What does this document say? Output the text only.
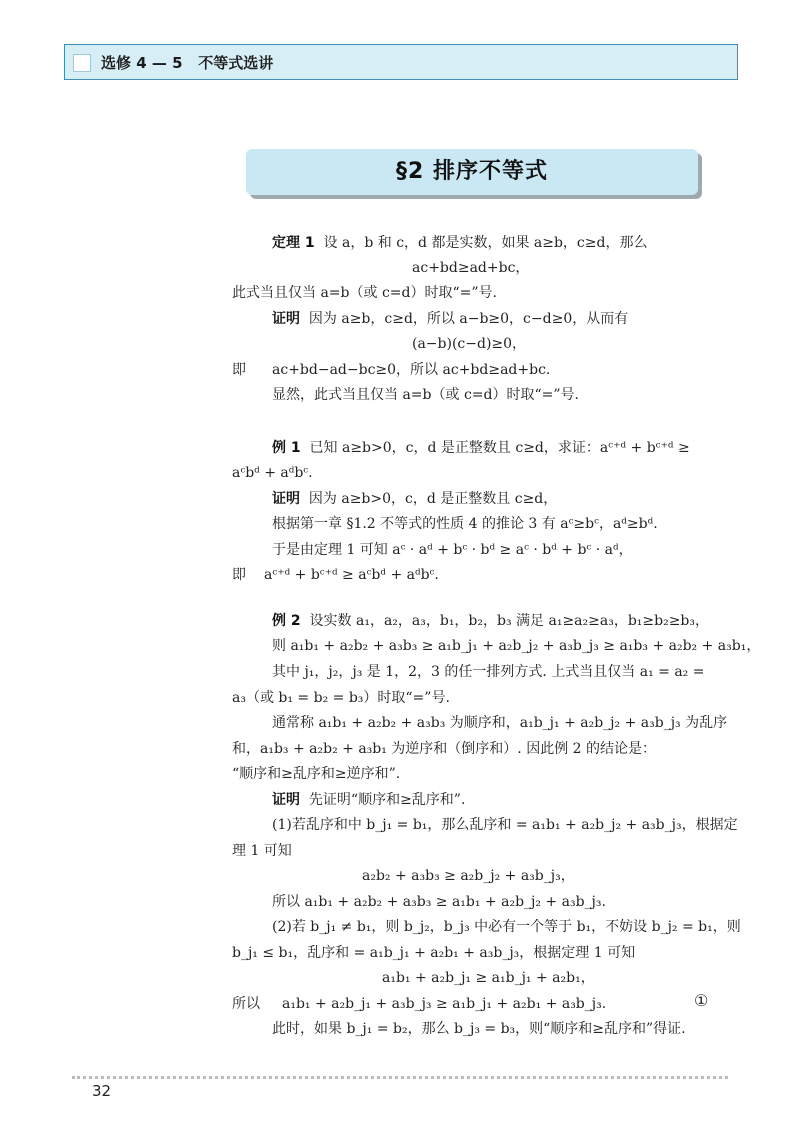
选修 4 — 5   不等式选讲
§2 排序不等式
定理 1 设 a，b 和 c，d 都是实数，如果 a≥b，c≥d，那么
ac+bd≥ad+bc，
此式当且仅当 a=b（或 c=d）时取“=”号.
证明 因为 a≥b，c≥d，所以 a−b≥0，c−d≥0，从而有
(a−b)(c−d)≥0，
即 ac+bd−ad−bc≥0，所以 ac+bd≥ad+bc.
显然，此式当且仅当 a=b（或 c=d）时取“=”号.
例 1 已知 a≥b>0，c，d 是正整数且 c≥d，求证：aᶜ⁺ᵈ + bᶜ⁺ᵈ ≥
aᶜbᵈ + aᵈbᶜ.
证明 因为 a≥b>0，c，d 是正整数且 c≥d，
根据第一章 §1.2 不等式的性质 4 的推论 3 有 aᶜ≥bᶜ，aᵈ≥bᵈ.
于是由定理 1 可知 aᶜ · aᵈ + bᶜ · bᵈ ≥ aᶜ · bᵈ + bᶜ · aᵈ，
即 aᶜ⁺ᵈ + bᶜ⁺ᵈ ≥ aᶜbᵈ + aᵈbᶜ.
例 2 设实数 a₁，a₂，a₃，b₁，b₂，b₃ 满足 a₁≥a₂≥a₃，b₁≥b₂≥b₃，
则 a₁b₁ + a₂b₂ + a₃b₃ ≥ a₁b_j₁ + a₂b_j₂ + a₃b_j₃ ≥ a₁b₃ + a₂b₂ + a₃b₁，
其中 j₁，j₂，j₃ 是 1，2，3 的任一排列方式. 上式当且仅当 a₁ = a₂ =
a₃（或 b₁ = b₂ = b₃）时取“=”号.
通常称 a₁b₁ + a₂b₂ + a₃b₃ 为顺序和，a₁b_j₁ + a₂b_j₂ + a₃b_j₃ 为乱序
和，a₁b₃ + a₂b₂ + a₃b₁ 为逆序和（倒序和）. 因此例 2 的结论是：
“顺序和≥乱序和≥逆序和”.
证明 先证明“顺序和≥乱序和”.
(1)若乱序和中 b_j₁ = b₁，那么乱序和 = a₁b₁ + a₂b_j₂ + a₃b_j₃，根据定
理 1 可知
a₂b₂ + a₃b₃ ≥ a₂b_j₂ + a₃b_j₃，
所以 a₁b₁ + a₂b₂ + a₃b₃ ≥ a₁b₁ + a₂b_j₂ + a₃b_j₃.
(2)若 b_j₁ ≠ b₁，则 b_j₂，b_j₃ 中必有一个等于 b₁，不妨设 b_j₂ = b₁，则
b_j₁ ≤ b₁，乱序和 = a₁b_j₁ + a₂b₁ + a₃b_j₃，根据定理 1 可知
a₁b₁ + a₂b_j₁ ≥ a₁b_j₁ + a₂b₁，
所以 a₁b₁ + a₂b_j₁ + a₃b_j₃ ≥ a₁b_j₁ + a₂b₁ + a₃b_j₃.	①
此时，如果 b_j₁ = b₂，那么 b_j₃ = b₃，则“顺序和≥乱序和”得证.
32
